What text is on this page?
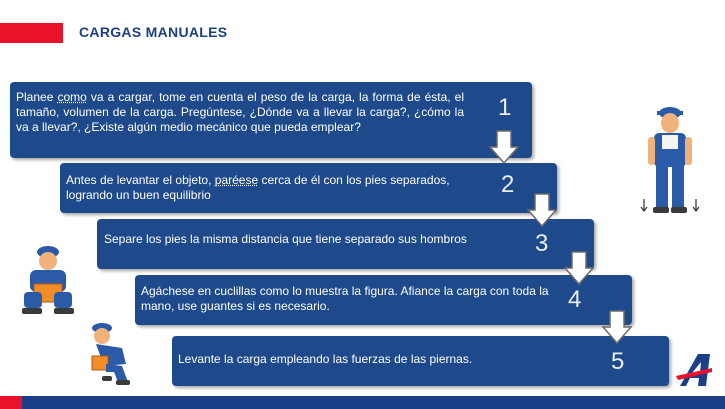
CARGAS MANUALES
Planee como va a cargar, tome en cuenta el peso de la carga, la forma de ésta, el tamaño, volumen de la carga. Pregúntese, ¿Dónde va a llevar la carga?, ¿cómo la va a llevar?, ¿Existe algún medio mecánico que pueda emplear?
1
Antes de levantar el objeto, paréese cerca de él con los pies separados, logrando un buen equilibrio	2
Separe los pies la misma distancia que tiene separado sus hombros	3
Agáchese en cuclillas como lo muestra la figura. Afiance la carga con toda la mano, use guantes si es necesario.	4
Levante la carga empleando las fuerzas de las piernas.	5
